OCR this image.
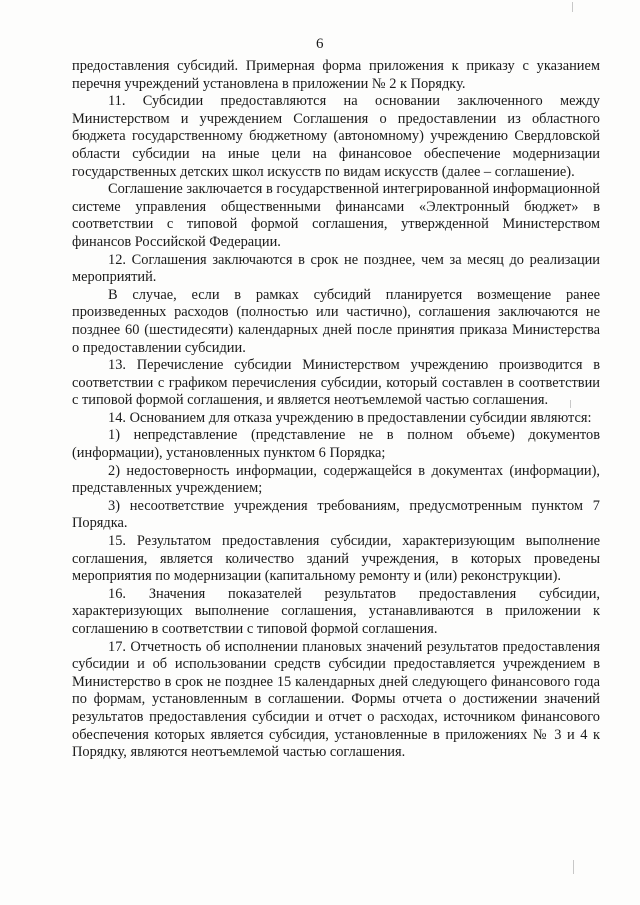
6

предоставления субсидий. Примерная форма приложения к приказу с указанием перечня учреждений установлена в приложении № 2 к Порядку.

11. Субсидии предоставляются на основании заключенного между Министерством и учреждением Соглашения о предоставлении из областного бюджета государственному бюджетному (автономному) учреждению Свердловской области субсидии на иные цели на финансовое обеспечение модернизации государственных детских школ искусств по видам искусств (далее – соглашение).

Соглашение заключается в государственной интегрированной информационной системе управления общественными финансами «Электронный бюджет» в соответствии с типовой формой соглашения, утвержденной Министерством финансов Российской Федерации.

12. Соглашения заключаются в срок не позднее, чем за месяц до реализации мероприятий.

В случае, если в рамках субсидий планируется возмещение ранее произведенных расходов (полностью или частично), соглашения заключаются не позднее 60 (шестидесяти) календарных дней после принятия приказа Министерства о предоставлении субсидии.

13. Перечисление субсидии Министерством учреждению производится в соответствии с графиком перечисления субсидии, который составлен в соответствии с типовой формой соглашения, и является неотъемлемой частью соглашения.

14. Основанием для отказа учреждению в предоставлении субсидии являются:

1) непредставление (представление не в полном объеме) документов (информации), установленных пунктом 6 Порядка;

2) недостоверность информации, содержащейся в документах (информации), представленных учреждением;

3) несоответствие учреждения требованиям, предусмотренным пунктом 7 Порядка.

15. Результатом предоставления субсидии, характеризующим выполнение соглашения, является количество зданий учреждения, в которых проведены мероприятия по модернизации (капитальному ремонту и (или) реконструкции).

16. Значения показателей результатов предоставления субсидии, характеризующих выполнение соглашения, устанавливаются в приложении к соглашению в соответствии с типовой формой соглашения.

17. Отчетность об исполнении плановых значений результатов предоставления субсидии и об использовании средств субсидии предоставляется учреждением в Министерство в срок не позднее 15 календарных дней следующего финансового года по формам, установленным в соглашении. Формы отчета о достижении значений результатов предоставления субсидии и отчет о расходах, источником финансового обеспечения которых является субсидия, установленные в приложениях № 3 и 4 к Порядку, являются неотъемлемой частью соглашения.
